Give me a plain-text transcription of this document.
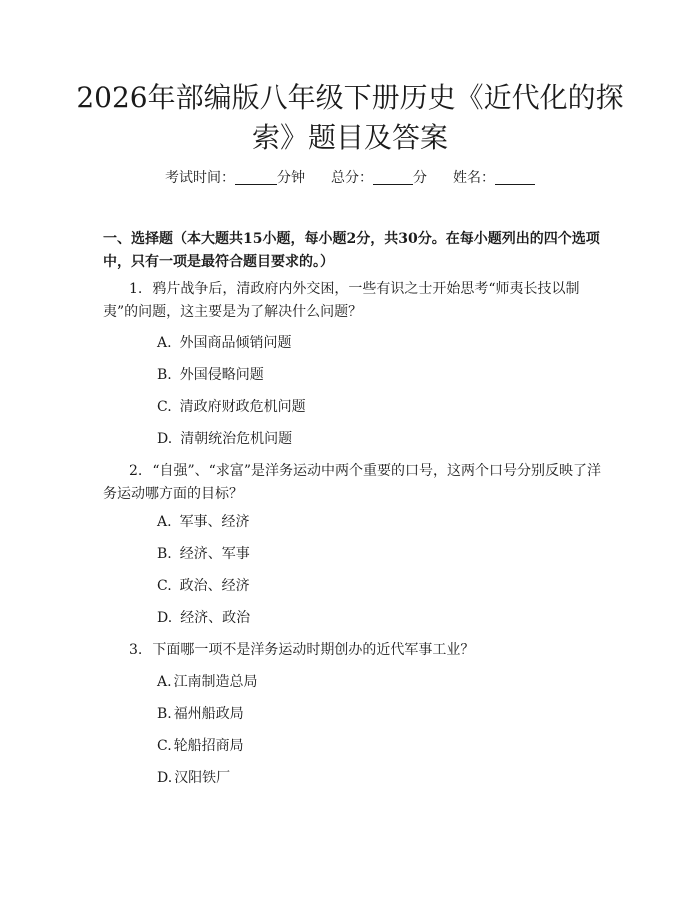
2026年部编版八年级下册历史《近代化的探索》题目及答案
考试时间：	分钟 总分：	分 姓名：

一、选择题（本大题共15小题，每小题2分，共30分。在每小题列出的四个选项中，只有一项是最符合题目要求的。）

1. 鸦片战争后，清政府内外交困，一些有识之士开始思考“师夷长技以制夷”的问题，这主要是为了解决什么问题？

A. 外国商品倾销问题

B. 外国侵略问题

C. 清政府财政危机问题

D. 清朝统治危机问题

2. “自强”、“求富”是洋务运动中两个重要的口号，这两个口号分别反映了洋务运动哪方面的目标？

A. 军事、经济

B. 经济、军事

C. 政治、经济

D. 经济、政治

3. 下面哪一项不是洋务运动时期创办的近代军事工业？

A. 江南制造总局

B. 福州船政局

C. 轮船招商局

D. 汉阳铁厂
